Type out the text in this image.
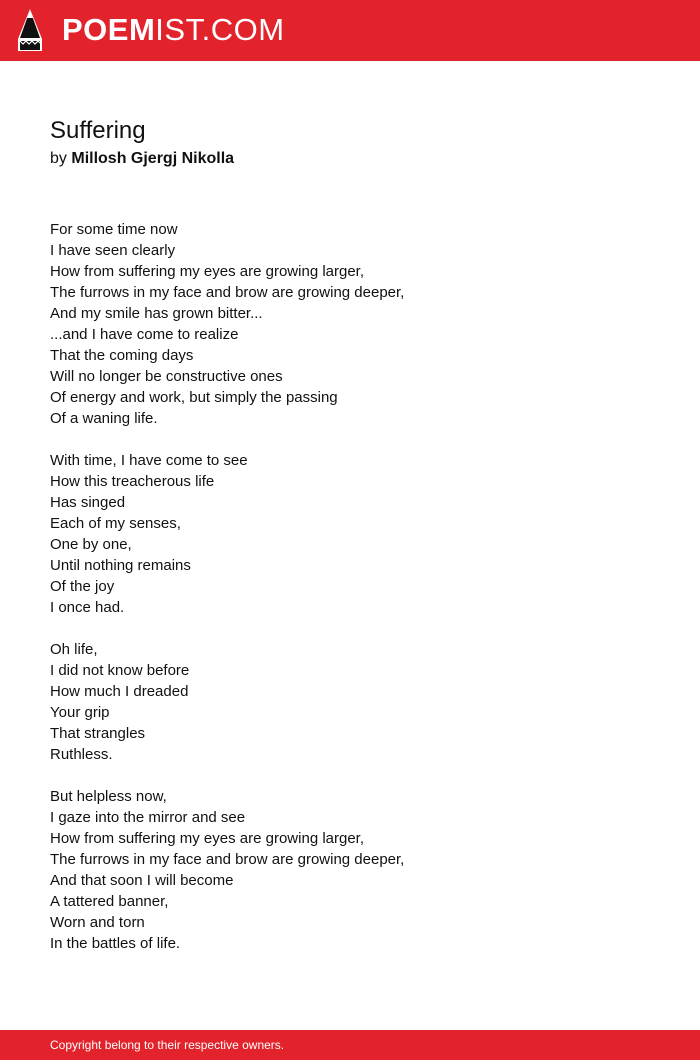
POEMIST.COM
Suffering
by Millosh Gjergj Nikolla
For some time now
I have seen clearly
How from suffering my eyes are growing larger,
The furrows in my face and brow are growing deeper,
And my smile has grown bitter...
...and I have come to realize
That the coming days
Will no longer be constructive ones
Of energy and work, but simply the passing
Of a waning life.
With time, I have come to see
How this treacherous life
Has singed
Each of my senses,
One by one,
Until nothing remains
Of the joy
I once had.
Oh life,
I did not know before
How much I dreaded
Your grip
That strangles
Ruthless.
But helpless now,
I gaze into the mirror and see
How from suffering my eyes are growing larger,
The furrows in my face and brow are growing deeper,
And that soon I will become
A tattered banner,
Worn and torn
In the battles of life.
Copyright belong to their respective owners.
